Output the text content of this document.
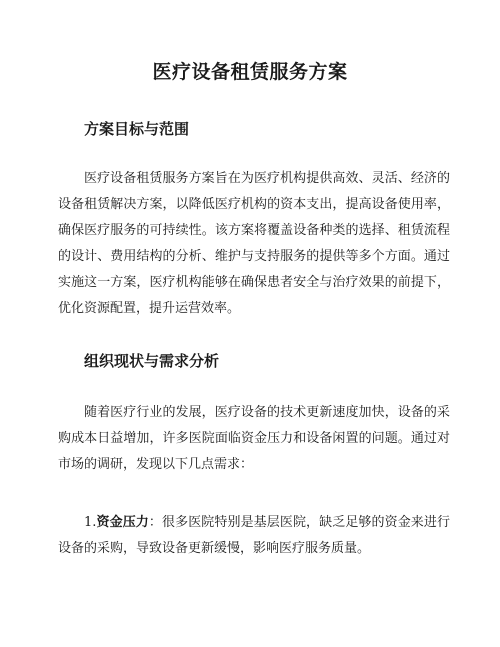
医疗设备租赁服务方案
方案目标与范围

医疗设备租赁服务方案旨在为医疗机构提供高效、灵活、经济的设备租赁解决方案，以降低医疗机构的资本支出，提高设备使用率，确保医疗服务的可持续性。该方案将覆盖设备种类的选择、租赁流程的设计、费用结构的分析、维护与支持服务的提供等多个方面。通过实施这一方案，医疗机构能够在确保患者安全与治疗效果的前提下，优化资源配置，提升运营效率。

组织现状与需求分析

随着医疗行业的发展，医疗设备的技术更新速度加快，设备的采购成本日益增加，许多医院面临资金压力和设备闲置的问题。通过对市场的调研，发现以下几点需求：

1.资金压力：很多医院特别是基层医院，缺乏足够的资金来进行设备的采购，导致设备更新缓慢，影响医疗服务质量。
